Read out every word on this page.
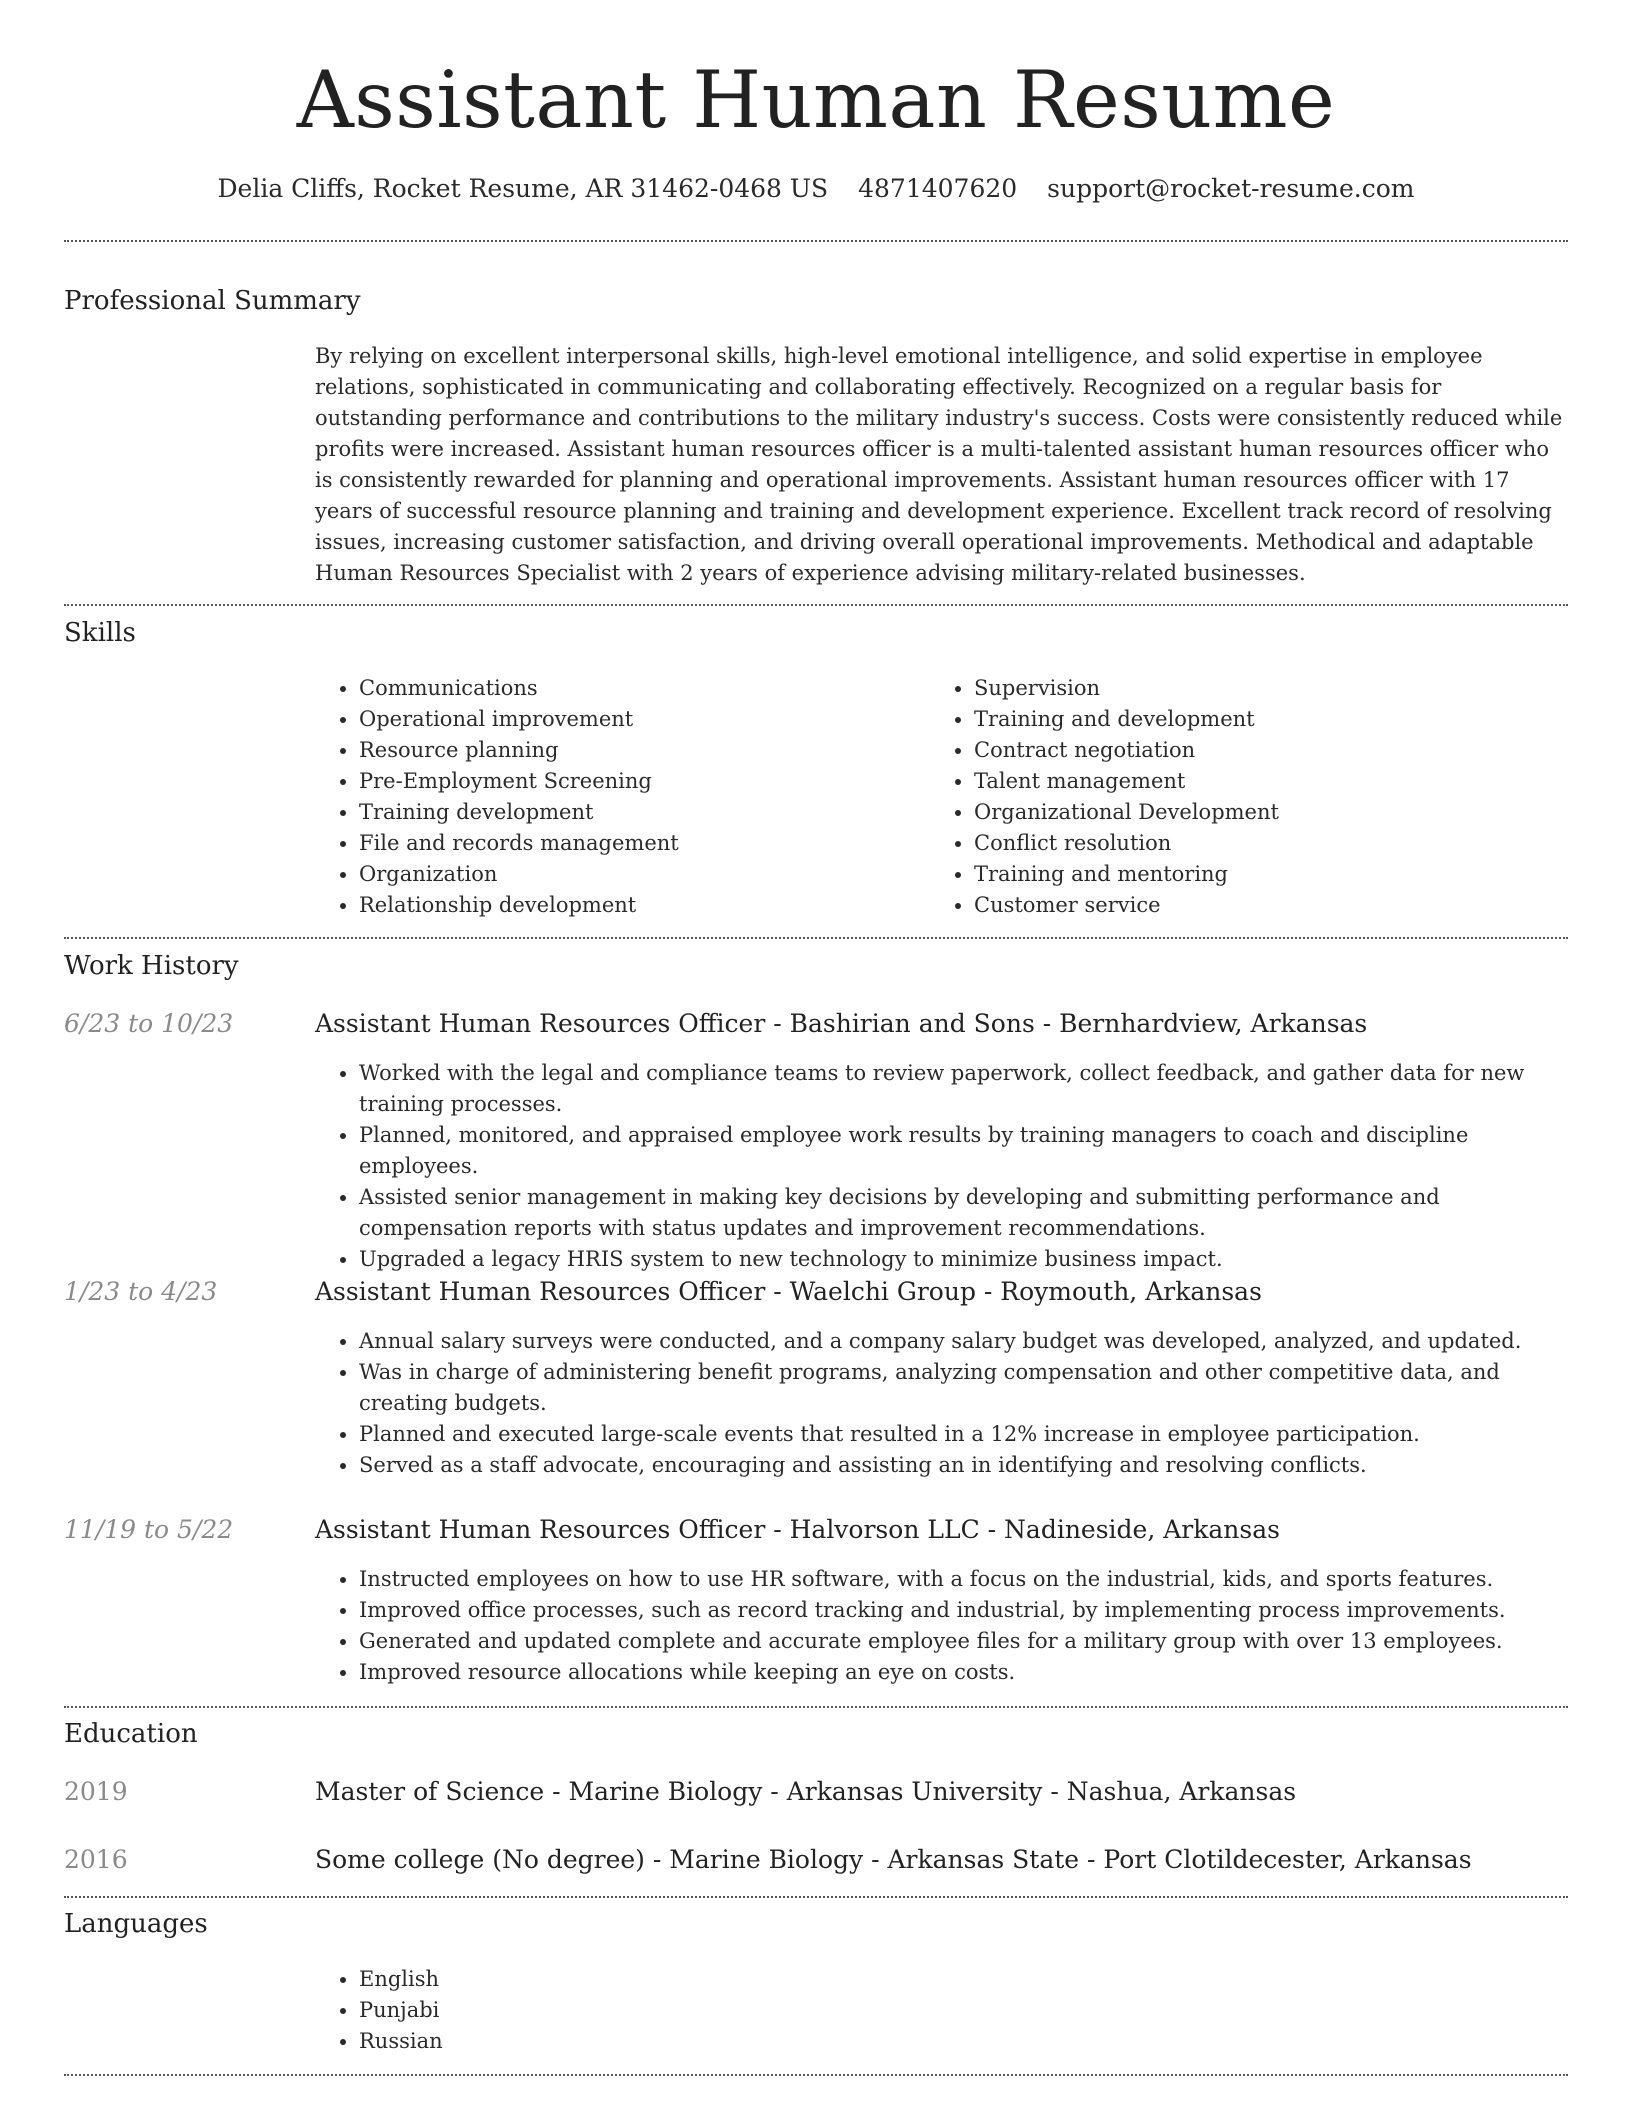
Assistant Human Resume
Delia Cliffs, Rocket Resume, AR 31462-0468 US 4871407620 support@rocket-resume.com
Professional Summary

By relying on excellent interpersonal skills, high-level emotional intelligence, and solid expertise in employee relations, sophisticated in communicating and collaborating effectively. Recognized on a regular basis for outstanding performance and contributions to the military industry's success. Costs were consistently reduced while profits were increased. Assistant human resources officer is a multi-talented assistant human resources officer who is consistently rewarded for planning and operational improvements. Assistant human resources officer with 17 years of successful resource planning and training and development experience. Excellent track record of resolving issues, increasing customer satisfaction, and driving overall operational improvements. Methodical and adaptable Human Resources Specialist with 2 years of experience advising military-related businesses.

Skills
• Communications
• Operational improvement
• Resource planning
• Pre-Employment Screening
• Training development
• File and records management
• Organization
• Relationship development
• Supervision
• Training and development
• Contract negotiation
• Talent management
• Organizational Development
• Conflict resolution
• Training and mentoring
• Customer service
Work History
6/23 to 10/23	Assistant Human Resources Officer - Bashirian and Sons - Bernhardview, Arkansas
• Worked with the legal and compliance teams to review paperwork, collect feedback, and gather data for new training processes.
• Planned, monitored, and appraised employee work results by training managers to coach and discipline employees.
• Assisted senior management in making key decisions by developing and submitting performance and compensation reports with status updates and improvement recommendations.
• Upgraded a legacy HRIS system to new technology to minimize business impact.
1/23 to 4/23	Assistant Human Resources Officer - Waelchi Group - Roymouth, Arkansas
• Annual salary surveys were conducted, and a company salary budget was developed, analyzed, and updated.
• Was in charge of administering benefit programs, analyzing compensation and other competitive data, and creating budgets.
• Planned and executed large-scale events that resulted in a 12% increase in employee participation.
• Served as a staff advocate, encouraging and assisting an in identifying and resolving conflicts.
11/19 to 5/22	Assistant Human Resources Officer - Halvorson LLC - Nadineside, Arkansas
• Instructed employees on how to use HR software, with a focus on the industrial, kids, and sports features.
• Improved office processes, such as record tracking and industrial, by implementing process improvements.
• Generated and updated complete and accurate employee files for a military group with over 13 employees.
• Improved resource allocations while keeping an eye on costs.
Education
2019	Master of Science - Marine Biology - Arkansas University - Nashua, Arkansas
2016	Some college (No degree) - Marine Biology - Arkansas State - Port Clotildecester, Arkansas
Languages
• English
• Punjabi
• Russian
